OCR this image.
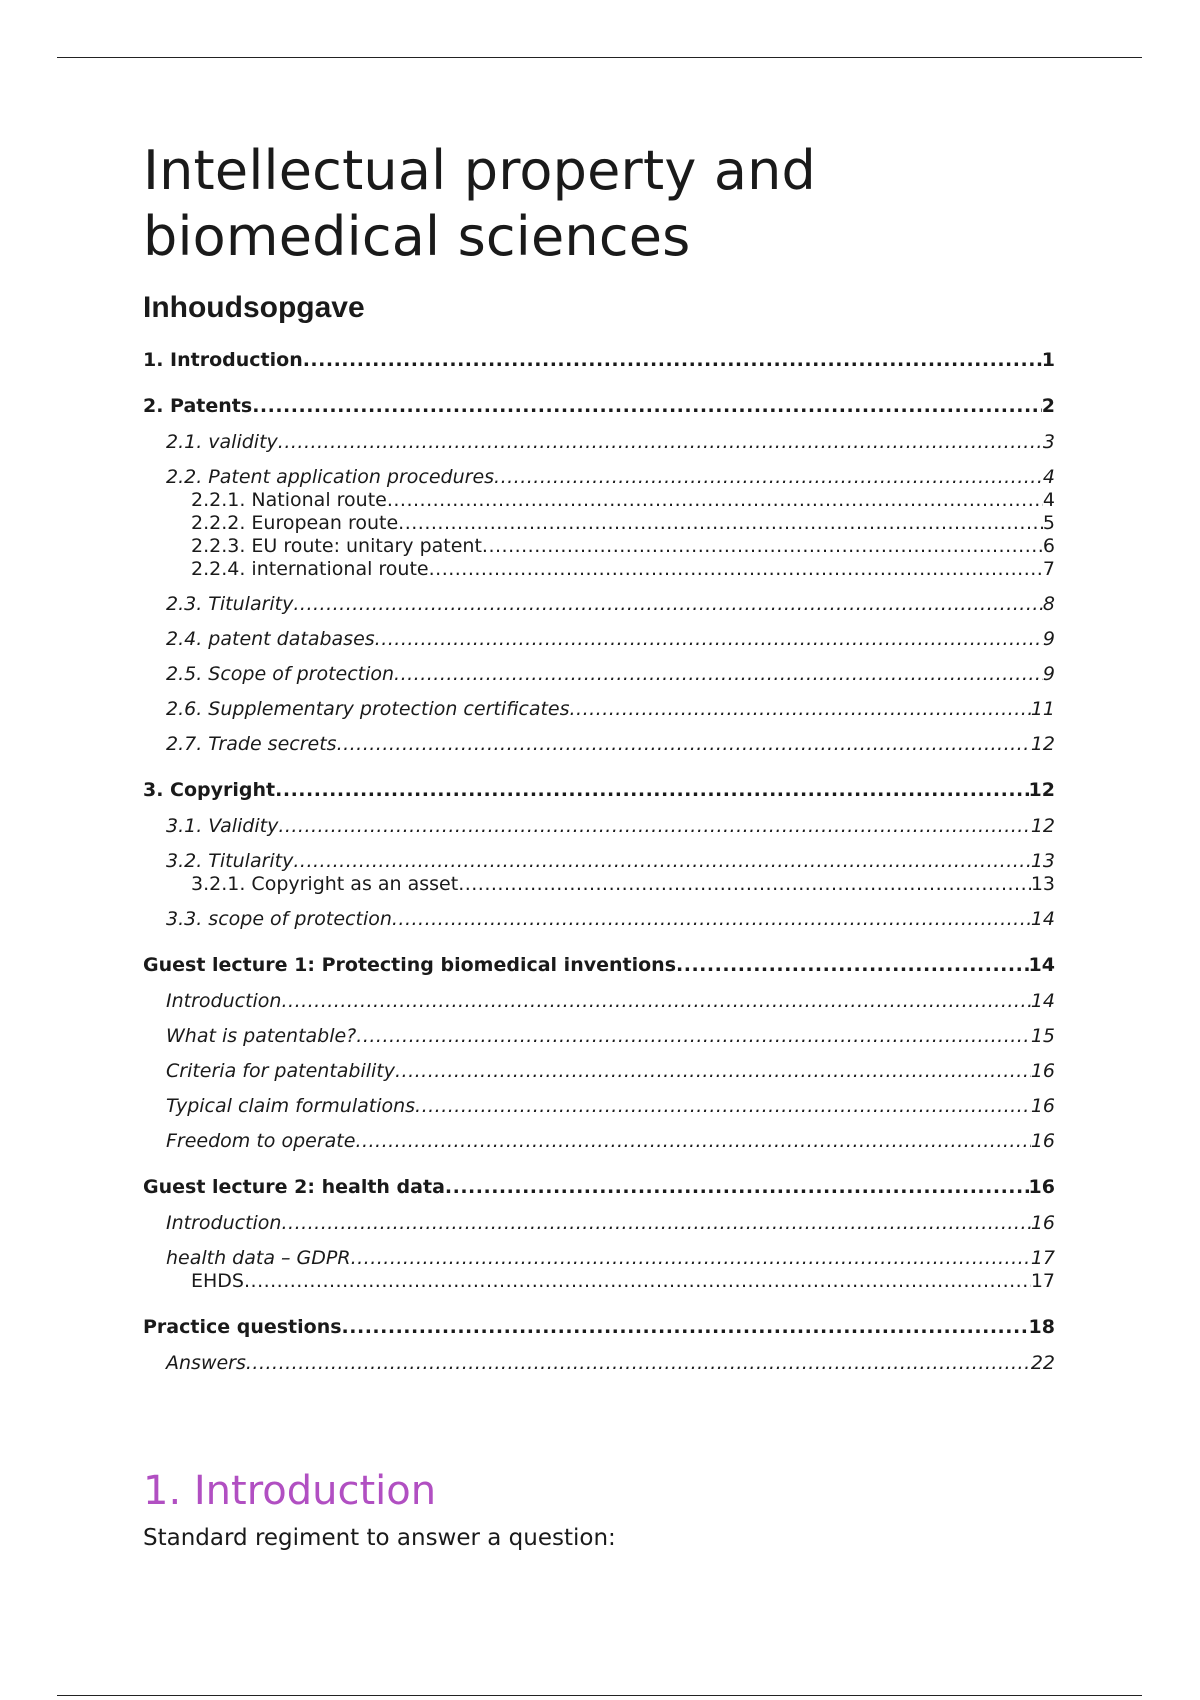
Intellectual property and
biomedical sciences
Inhoudsopgave
1. Introduction .....	1
2. Patents .....	2
2.1. validity .....	3
2.2. Patent application procedures .....	4
2.2.1. National route .....	4
2.2.2. European route .....	5
2.2.3. EU route: unitary patent .....	6
2.2.4. international route .....	7
2.3. Titularity .....	8
2.4. patent databases .....	9
2.5. Scope of protection .....	9
2.6. Supplementary protection certificates .....	11
2.7. Trade secrets .....	12
3. Copyright .....	12
3.1. Validity .....	12
3.2. Titularity .....	13
3.2.1. Copyright as an asset .....	13
3.3. scope of protection .....	14
Guest lecture 1: Protecting biomedical inventions .....	14
Introduction .....	14
What is patentable? .....	15
Criteria for patentability .....	16
Typical claim formulations .....	16
Freedom to operate .....	16
Guest lecture 2: health data .....	16
Introduction .....	16
health data – GDPR .....	17
EHDS .....	17
Practice questions .....	18
Answers .....	22
1. Introduction

Standard regiment to answer a question:
